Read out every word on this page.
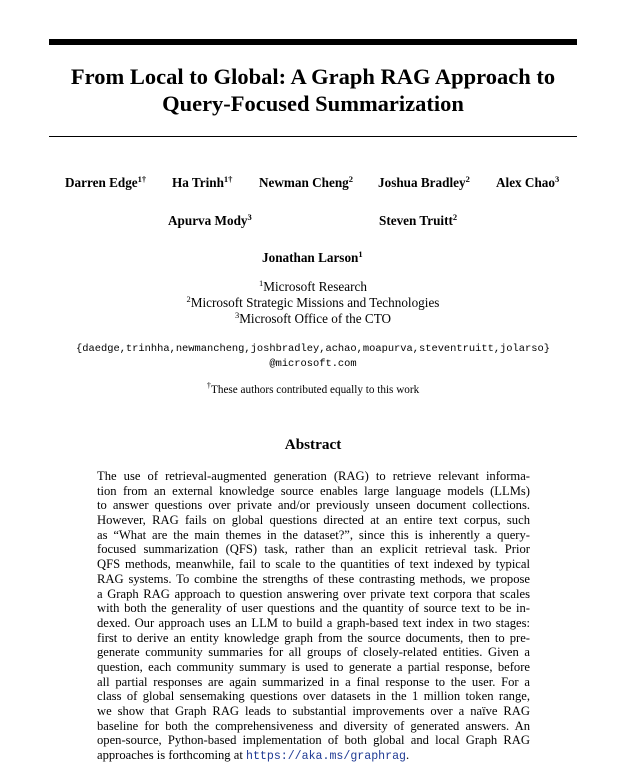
From Local to Global: A Graph RAG Approach to
Query-Focused Summarization
Darren Edge$^{1\dagger}$ Ha Trinh$^{1\dagger}$ Newman Cheng$^2$ Joshua Bradley$^2$ Alex Chao$^3$
Apurva Mody$^3$	Steven Truitt$^2$
Jonathan Larson$^1$
$^1$Microsoft Research
$^2$Microsoft Strategic Missions and Technologies
$^3$Microsoft Office of the CTO
{daedge,trinhha,newmancheng,joshbradley,achao,moapurva,steventruitt,jolarso}
@microsoft.com
†These authors contributed equally to this work
Abstract
The use of retrieval-augmented generation (RAG) to retrieve relevant informa-
tion from an external knowledge source enables large language models (LLMs)
to answer questions over private and/or previously unseen document collections.
However, RAG fails on global questions directed at an entire text corpus, such
as “What are the main themes in the dataset?”, since this is inherently a query-
focused summarization (QFS) task, rather than an explicit retrieval task. Prior
QFS methods, meanwhile, fail to scale to the quantities of text indexed by typical
RAG systems. To combine the strengths of these contrasting methods, we propose
a Graph RAG approach to question answering over private text corpora that scales
with both the generality of user questions and the quantity of source text to be in-
dexed. Our approach uses an LLM to build a graph-based text index in two stages:
first to derive an entity knowledge graph from the source documents, then to pre-
generate community summaries for all groups of closely-related entities. Given a
question, each community summary is used to generate a partial response, before
all partial responses are again summarized in a final response to the user. For a
class of global sensemaking questions over datasets in the 1 million token range,
we show that Graph RAG leads to substantial improvements over a naïve RAG
baseline for both the comprehensiveness and diversity of generated answers. An
open-source, Python-based implementation of both global and local Graph RAG
approaches is forthcoming at https://aka.ms/graphrag.
